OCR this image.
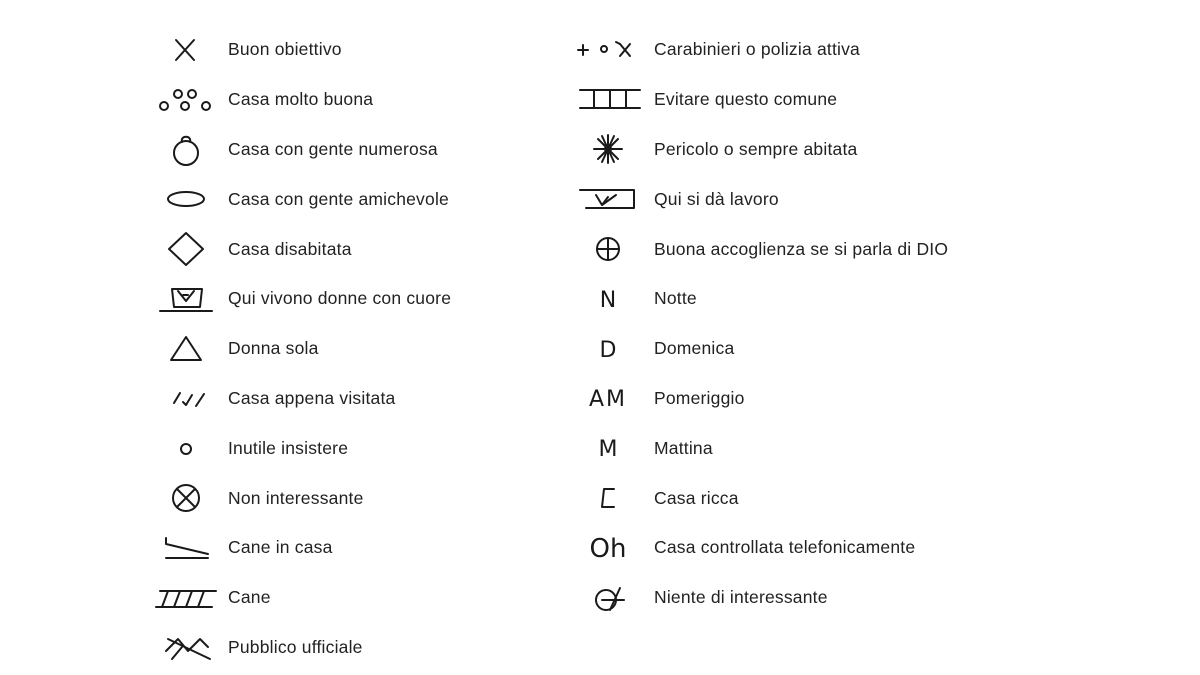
Buon obiettivo
Casa molto buona
Casa con gente numerosa
Casa con gente amichevole
Casa disabitata
Qui vivono donne con cuore
Donna sola
Casa appena visitata
Inutile insistere
Non interessante
Cane in casa
Cane
Pubblico ufficiale
Carabinieri o polizia attiva
Evitare questo comune
Pericolo o sempre abitata
Qui si dà lavoro
Buona accoglienza se si parla di DIO
N Notte
D Domenica
AM Pomeriggio
M Mattina
Casa ricca
Oh Casa controllata telefonicamente
Niente di interessante
